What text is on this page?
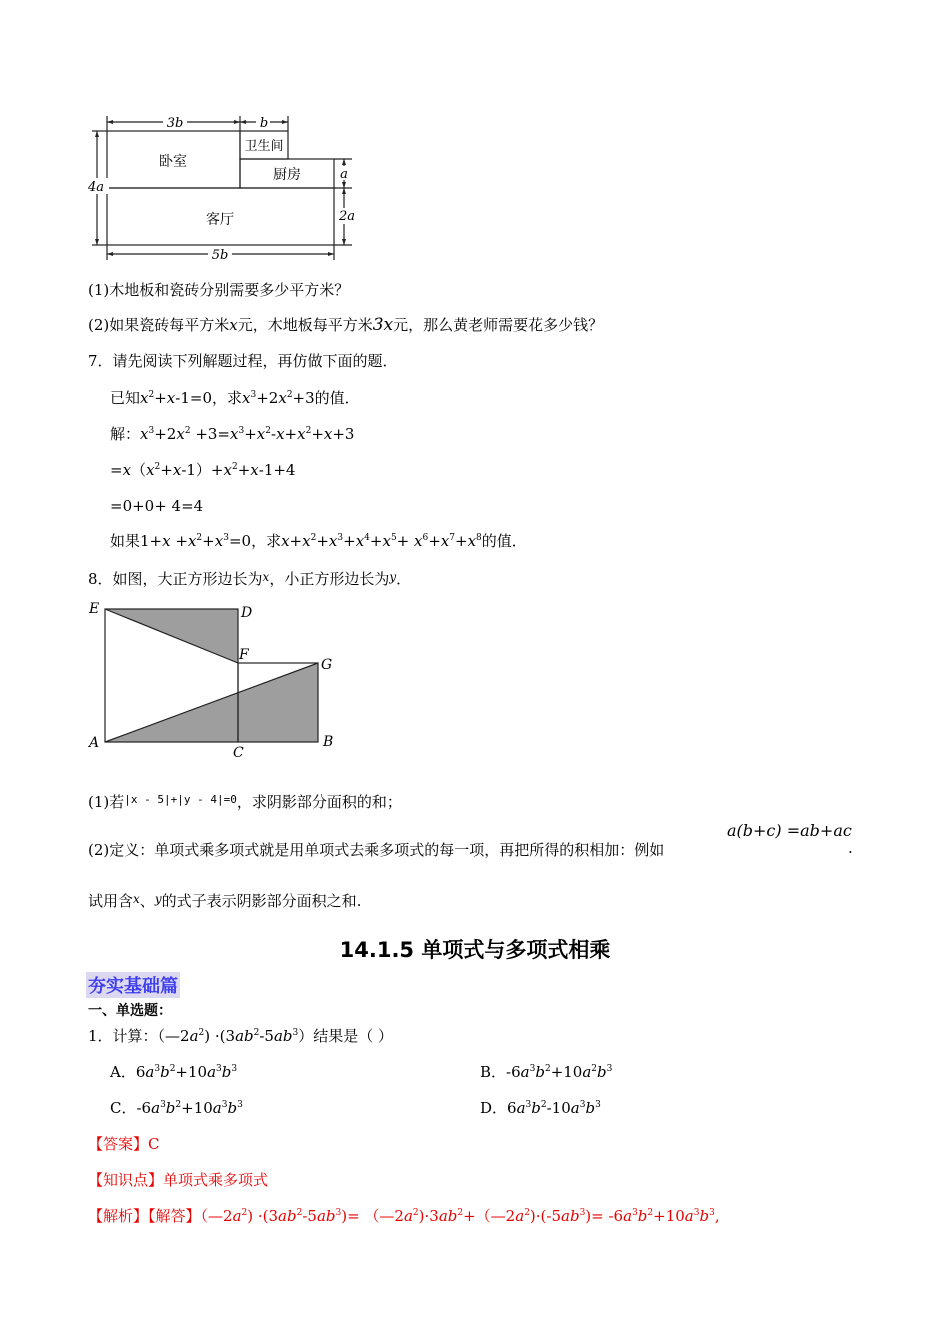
3b	b
4a
a
2a
5b
卧室
卫生间
厨房
客厅
(1)木地板和瓷砖分别需要多少平方米？
(2)如果瓷砖每平方米x元，木地板每平方米3x元，那么黄老师需要花多少钱？
7．请先阅读下列解题过程，再仿做下面的题．
已知$x^2+x-1=0$，求$x^3+2x^2+3$的值．
解：$x^3+2x^2 +3=x^3+x^2-x+x^2+x+3$
$=x(x^2+x-1)+x^2+x-1+4$
=0+0+ 4=4
如果$1+x +x^2+x^3=0$，求$x+x^2+x^3+x^4+x^5+ x^6+x^7+x^8$的值．
8．如图，大正方形边长为$^x$，小正方形边长为$^y$．
E	D
F
G
A
C
B
(1)若$^{|x - 5|+|y - 4|=0}$，求阴影部分面积的和；
a(b+c) =ab+ac
(2)定义：单项式乘多项式就是用单项式去乘多项式的每一项，再把所得的积相加：例如	.
试用含$^x$、$^y$的式子表示阴影部分面积之和.
14.1.5 单项式与多项式相乘
夯实基础篇
一、单选题：
1．计算：$(—2a^2) \cdot(3ab^2-5ab^3)$结果是（ ）
A．$6a^3b^2+10a^3b^3$	B．$-6a^3b^2+10a^2b^3$
C．$-6a^3b^2+10a^3b^3$	D．$6a^3b^2-10a^3b^3$
【答案】C
【知识点】单项式乘多项式
【解析】【解答】$(—2a^2) \cdot(3ab^2-5ab^3)=$ $(—2a^2)\cdot 3ab^2+(—2a^2)\cdot(-5ab^3)= -6a^3b^2+10a^3b^3$,
